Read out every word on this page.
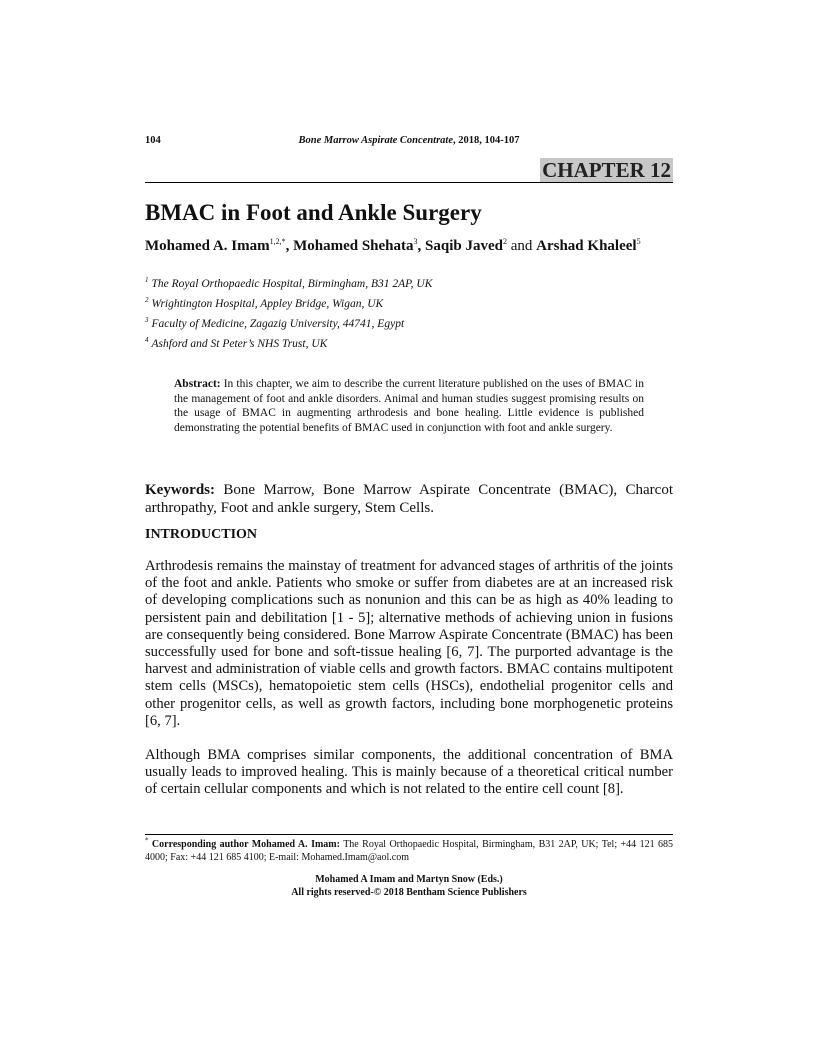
104	Bone Marrow Aspirate Concentrate, 2018, 104-107
CHAPTER 12
BMAC in Foot and Ankle Surgery
Mohamed A. Imam$^{1,2,*}$, Mohamed Shehata$^3$, Saqib Javed$^2$ and Arshad Khaleel$^5$
$^1$ The Royal Orthopaedic Hospital, Birmingham, B31 2AP, UK
$^2$ Wrightington Hospital, Appley Bridge, Wigan, UK
$^3$ Faculty of Medicine, Zagazig University, 44741, Egypt
$^4$ Ashford and St Peter’s NHS Trust, UK
Abstract: In this chapter, we aim to describe the current literature published on the uses of BMAC in the management of foot and ankle disorders. Animal and human studies suggest promising results on the usage of BMAC in augmenting arthrodesis and bone healing. Little evidence is published demonstrating the potential benefits of BMAC used in conjunction with foot and ankle surgery.
Keywords: Bone Marrow, Bone Marrow Aspirate Concentrate (BMAC), Charcot arthropathy, Foot and ankle surgery, Stem Cells.
INTRODUCTION

Arthrodesis remains the mainstay of treatment for advanced stages of arthritis of the joints of the foot and ankle. Patients who smoke or suffer from diabetes are at an increased risk of developing complications such as nonunion and this can be as high as 40% leading to persistent pain and debilitation [1 - 5]; alternative methods of achieving union in fusions are consequently being considered. Bone Marrow Aspirate Concentrate (BMAC) has been successfully used for bone and soft-tissue healing [6, 7]. The purported advantage is the harvest and administration of viable cells and growth factors. BMAC contains multipotent stem cells (MSCs), hematopoietic stem cells (HSCs), endothelial progenitor cells and other progenitor cells, as well as growth factors, including bone morphogenetic proteins [6, 7].

Although BMA comprises similar components, the additional concentration of BMA usually leads to improved healing. This is mainly because of a theoretical critical number of certain cellular components and which is not related to the entire cell count [8].

* Corresponding author Mohamed A. Imam: The Royal Orthopaedic Hospital, Birmingham, B31 2AP, UK; Tel; +44 121 685 4000; Fax: +44 121 685 4100; E-mail: Mohamed.Imam@aol.com
Mohamed A Imam and Martyn Snow (Eds.)
All rights reserved-© 2018 Bentham Science Publishers
